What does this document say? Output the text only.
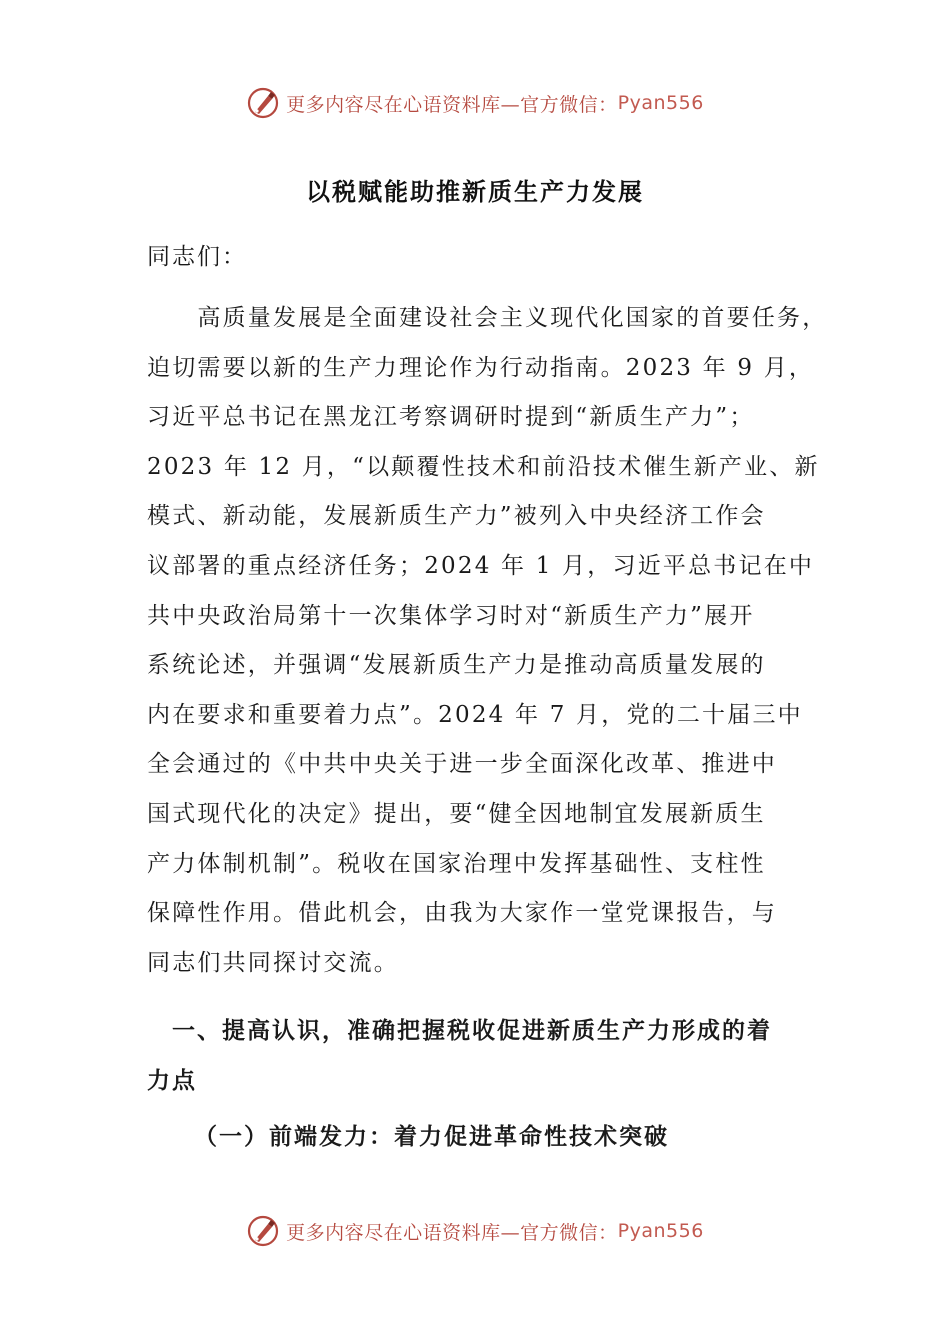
更多内容尽在心语资料库—官方微信： Pyan556
以税赋能助推新质生产力发展
同志们：
　　高质量发展是全面建设社会主义现代化国家的首要任务，
迫切需要以新的生产力理论作为行动指南。2023 年 9 月，
习近平总书记在黑龙江考察调研时提到“新质生产力”；
2023 年 12 月，“以颠覆性技术和前沿技术催生新产业、新
模式、新动能，发展新质生产力”被列入中央经济工作会
议部署的重点经济任务；2024 年 1 月，习近平总书记在中
共中央政治局第十一次集体学习时对“新质生产力”展开
系统论述，并强调“发展新质生产力是推动高质量发展的
内在要求和重要着力点”。2024 年 7 月，党的二十届三中
全会通过的《中共中央关于进一步全面深化改革、推进中
国式现代化的决定》提出，要“健全因地制宜发展新质生
产力体制机制”。税收在国家治理中发挥基础性、支柱性
保障性作用。借此机会，由我为大家作一堂党课报告，与
同志们共同探讨交流。
　一、提高认识，准确把握税收促进新质生产力形成的着
力点
（一）前端发力：着力促进革命性技术突破
更多内容尽在心语资料库—官方微信： Pyan556
